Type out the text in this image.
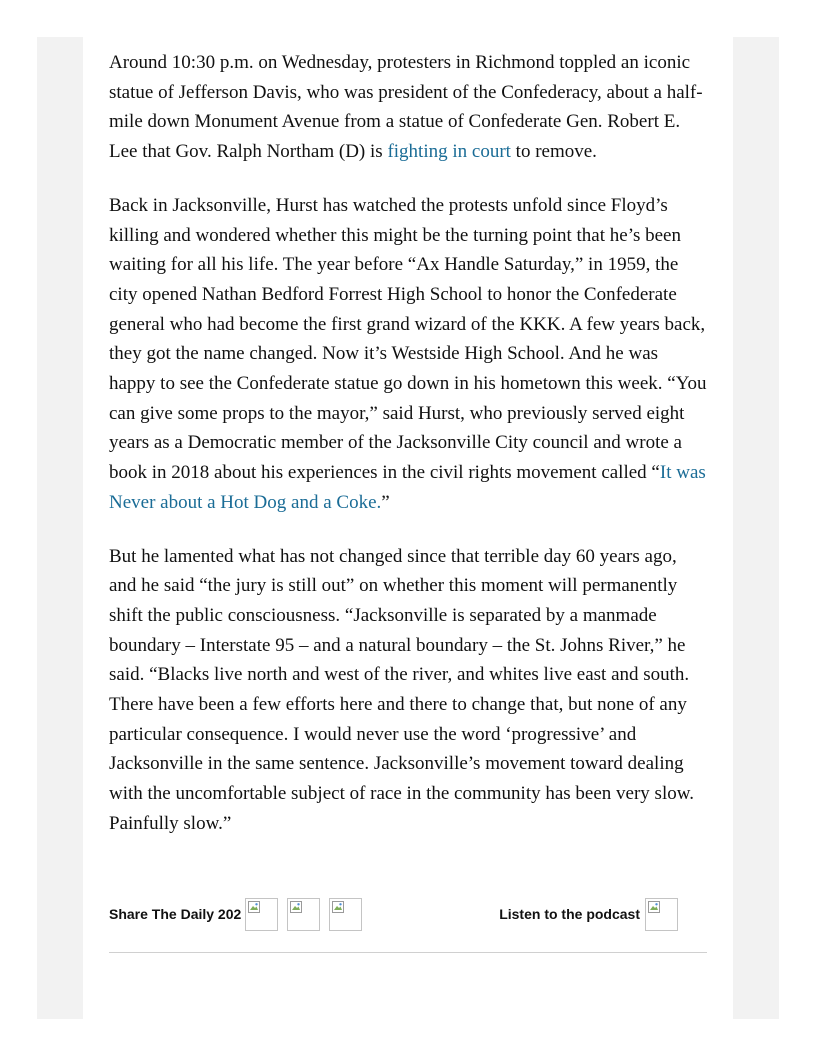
Around 10:30 p.m. on Wednesday, protesters in Richmond toppled an iconic statue of Jefferson Davis, who was president of the Confederacy, about a half-mile down Monument Avenue from a statue of Confederate Gen. Robert E. Lee that Gov. Ralph Northam (D) is fighting in court to remove.

Back in Jacksonville, Hurst has watched the protests unfold since Floyd’s killing and wondered whether this might be the turning point that he’s been waiting for all his life. The year before “Ax Handle Saturday,” in 1959, the city opened Nathan Bedford Forrest High School to honor the Confederate general who had become the first grand wizard of the KKK. A few years back, they got the name changed. Now it’s Westside High School. And he was happy to see the Confederate statue go down in his hometown this week. “You can give some props to the mayor,” said Hurst, who previously served eight years as a Democratic member of the Jacksonville City council and wrote a book in 2018 about his experiences in the civil rights movement called “It was Never about a Hot Dog and a Coke.”

But he lamented what has not changed since that terrible day 60 years ago, and he said “the jury is still out” on whether this moment will permanently shift the public consciousness. “Jacksonville is separated by a manmade boundary – Interstate 95 – and a natural boundary – the St. Johns River,” he said. “Blacks live north and west of the river, and whites live east and south. There have been a few efforts here and there to change that, but none of any particular consequence. I would never use the word ‘progressive’ and Jacksonville in the same sentence. Jacksonville’s movement toward dealing with the uncomfortable subject of race in the community has been very slow. Painfully slow.”

Share The Daily 202	Listen to the podcast
